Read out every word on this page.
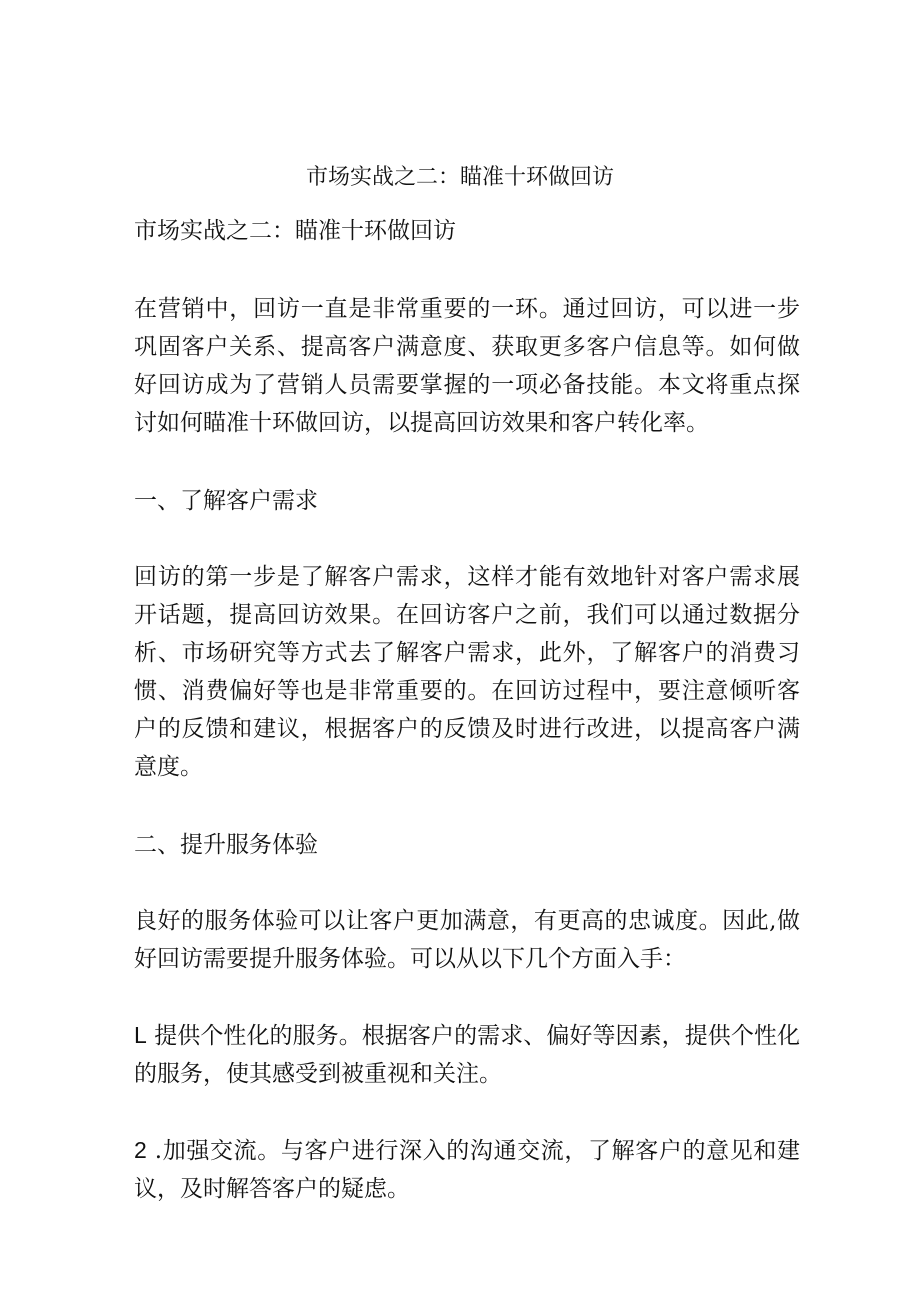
市场实战之二：瞄准十环做回访

市场实战之二：瞄准十环做回访

在营销中，回访一直是非常重要的一环。通过回访，可以进一步巩固客户关系、提高客户满意度、获取更多客户信息等。如何做好回访成为了营销人员需要掌握的一项必备技能。本文将重点探讨如何瞄准十环做回访，以提高回访效果和客户转化率。

一、了解客户需求

回访的第一步是了解客户需求，这样才能有效地针对客户需求展开话题，提高回访效果。在回访客户之前，我们可以通过数据分析、市场研究等方式去了解客户需求，此外，了解客户的消费习惯、消费偏好等也是非常重要的。在回访过程中，要注意倾听客户的反馈和建议，根据客户的反馈及时进行改进，以提高客户满意度。

二、提升服务体验

良好的服务体验可以让客户更加满意，有更高的忠诚度。因此,做好回访需要提升服务体验。可以从以下几个方面入手：

L 提供个性化的服务。根据客户的需求、偏好等因素，提供个性化的服务，使其感受到被重视和关注。

2 .加强交流。与客户进行深入的沟通交流，了解客户的意见和建议，及时解答客户的疑虑。
